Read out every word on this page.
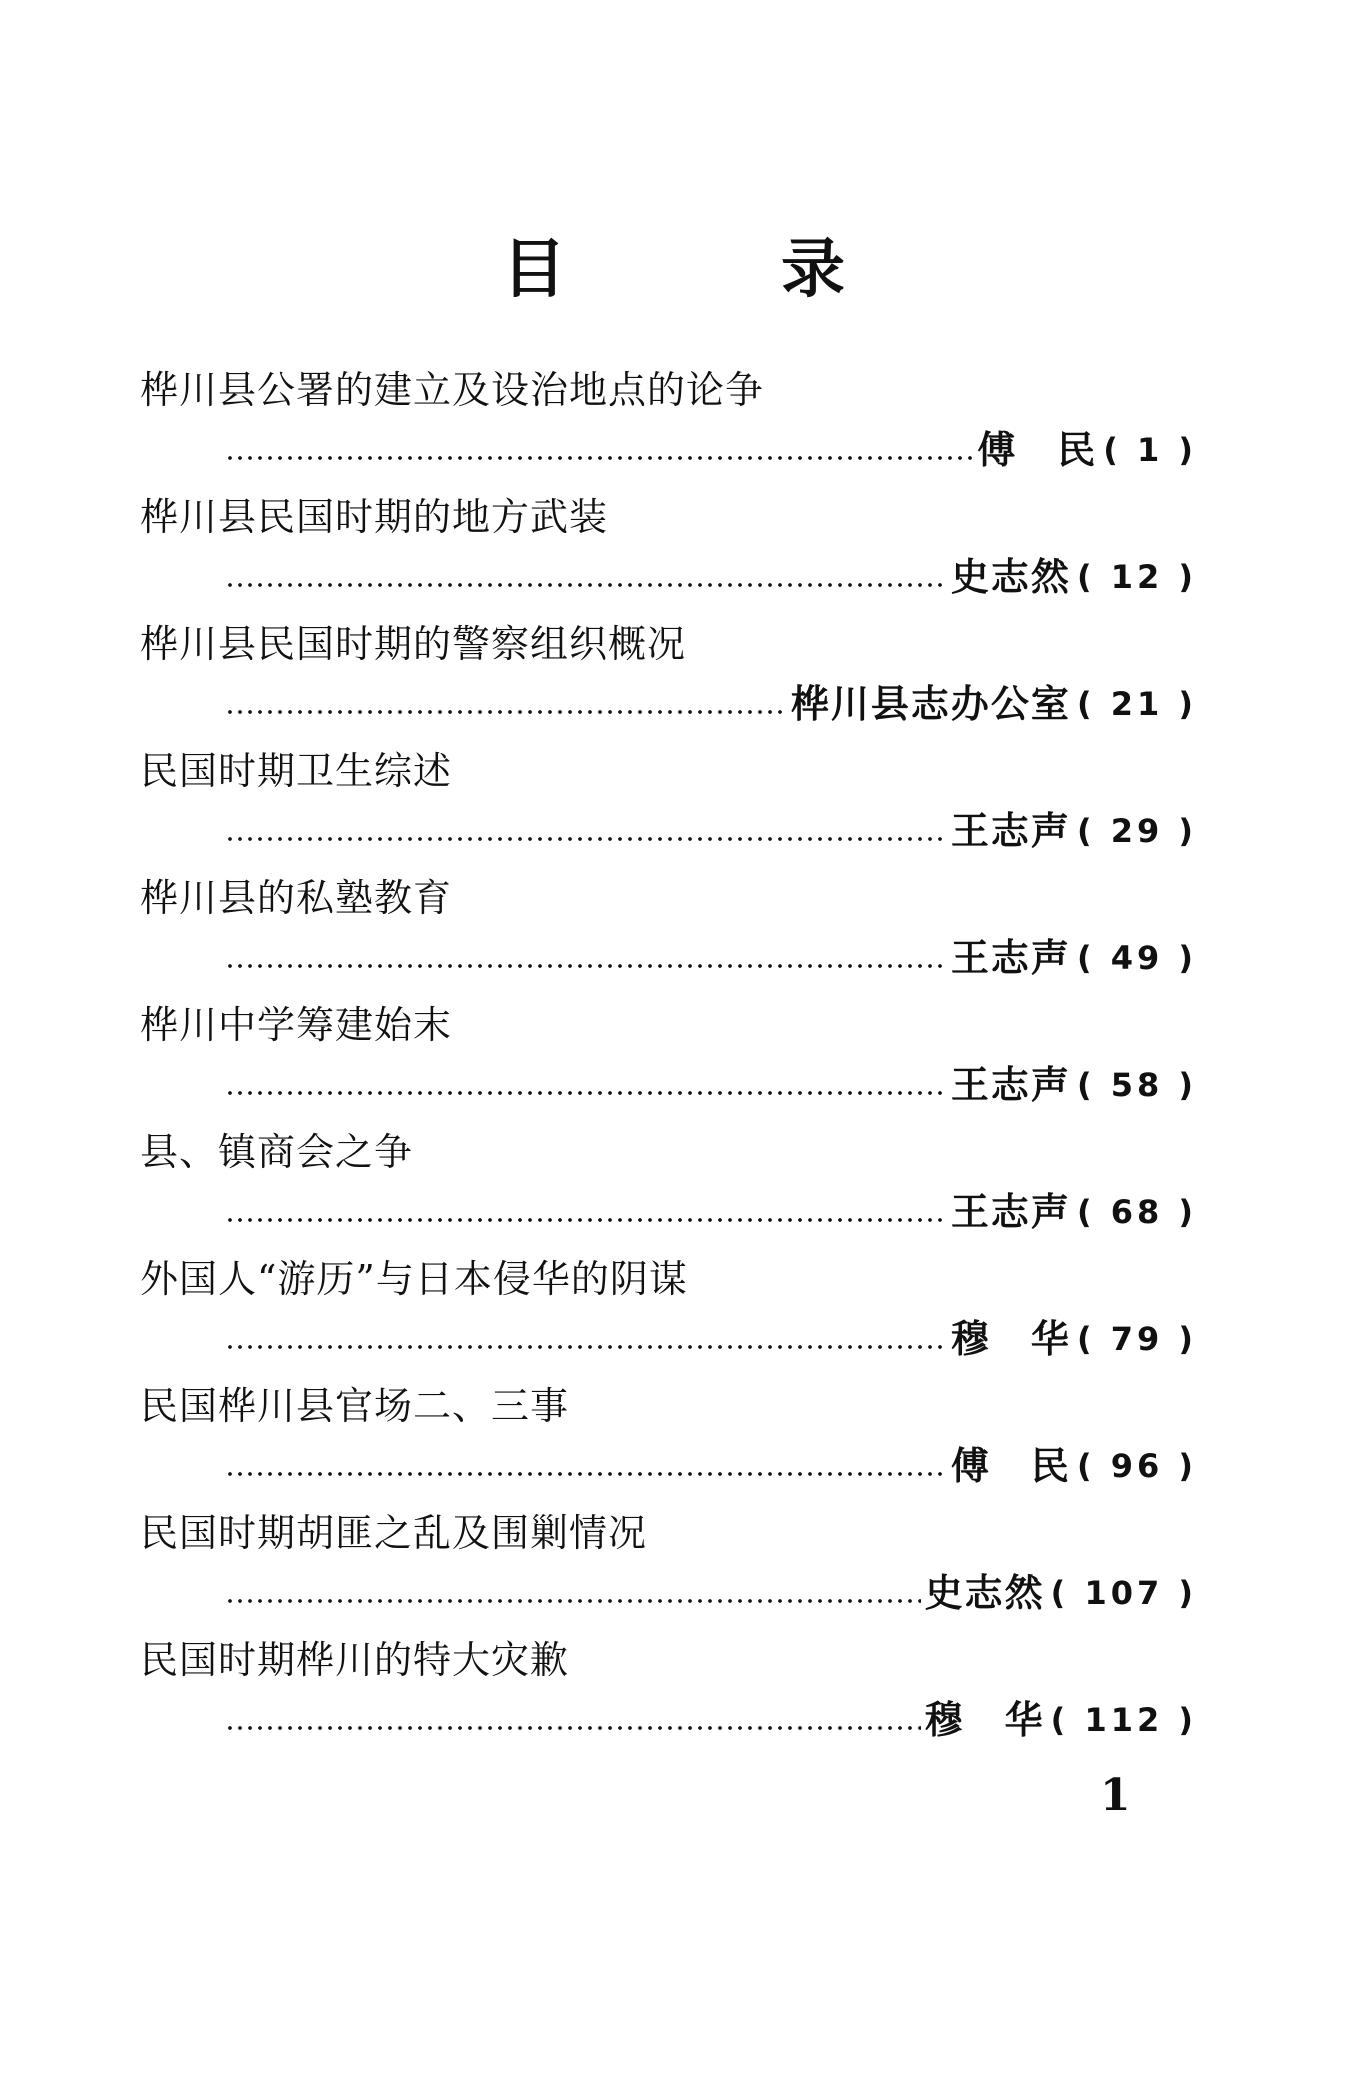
目	录
桦川县公署的建立及设治地点的论争
傅　民 ( 1 )
桦川县民国时期的地方武装
史志然 ( 12 )
桦川县民国时期的警察组织概况
桦川县志办公室 ( 21 )
民国时期卫生综述
王志声 ( 29 )
桦川县的私塾教育
王志声 ( 49 )
桦川中学筹建始末
王志声 ( 58 )
县、镇商会之争
王志声 ( 68 )
外国人“游历”与日本侵华的阴谋
穆　华 ( 79 )
民国桦川县官场二、三事
傅　民 ( 96 )
民国时期胡匪之乱及围剿情况
史志然 ( 107 )
民国时期桦川的特大灾歉
穆　华 ( 112 )
1
